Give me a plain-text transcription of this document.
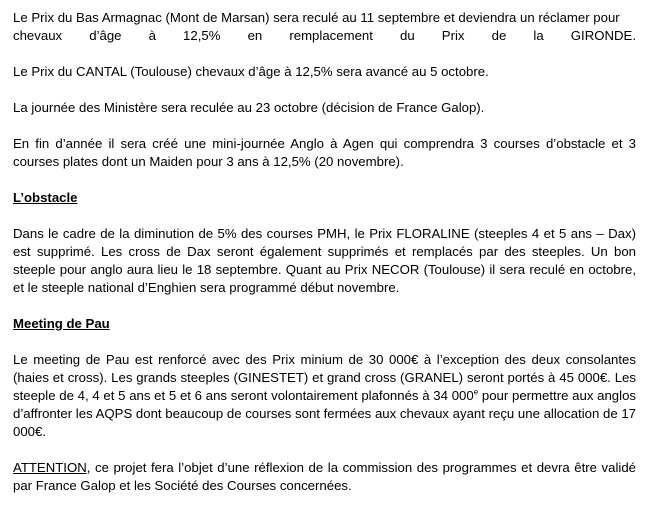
Le Prix du Bas Armagnac (Mont de Marsan) sera reculé au 11 septembre et deviendra un réclamer pour

chevaux d’âge à 12,5% en remplacement du Prix de la GIRONDE.

Le Prix du CANTAL (Toulouse) chevaux d’âge à 12,5% sera avancé au 5 octobre.

La journée des Ministère sera reculée au 23 octobre (décision de France Galop).

En fin d’année il sera créé une mini-journée Anglo à Agen qui comprendra 3 courses d’obstacle et 3 courses plates dont un Maiden pour 3 ans à 12,5% (20 novembre).

L’obstacle

Dans le cadre de la diminution de 5% des courses PMH, le Prix FLORALINE (steeples 4 et 5 ans – Dax) est supprimé. Les cross de Dax seront également supprimés et remplacés par des steeples. Un bon steeple pour anglo aura lieu le 18 septembre. Quant au Prix NECOR (Toulouse) il sera reculé en octobre, et le steeple national d’Enghien sera programmé début novembre.

Meeting de Pau

Le meeting de Pau est renforcé avec des Prix minium de 30 000€ à l’exception des deux consolantes (haies et cross). Les grands steeples (GINESTET) et grand cross (GRANEL) seront portés à 45 000€. Les steeple de 4, 4 et 5 ans et 5 et 6 ans seront volontairement plafonnés à 34 000e pour permettre aux anglos d’affronter les AQPS dont beaucoup de courses sont fermées aux chevaux ayant reçu une allocation de 17 000€.

ATTENTION, ce projet fera l’objet d’une réflexion de la commission des programmes et devra être validé par France Galop et les Société des Courses concernées.
